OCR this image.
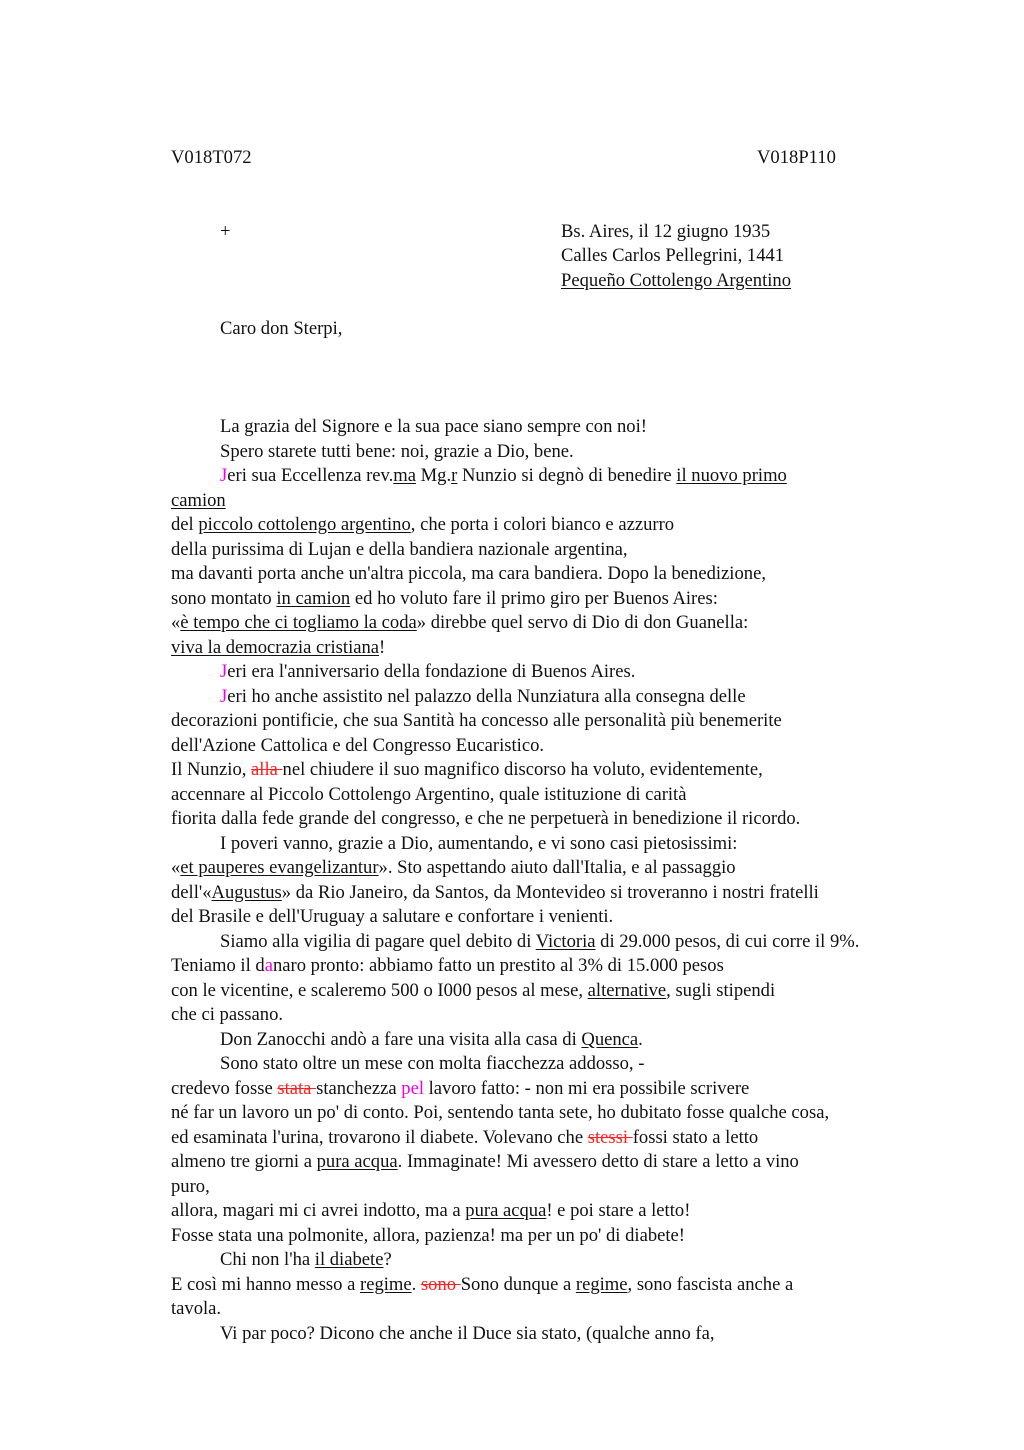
V018T072	V018P110
+	Bs. Aires, il 12 giugno 1935
Calles Carlos Pellegrini, 1441
Pequeño Cottolengo Argentino
Caro don Sterpi,
La grazia del Signore e la sua pace siano sempre con noi!
Spero starete tutti bene: noi, grazie a Dio, bene.
Jeri sua Eccellenza rev.ma Mg.r Nunzio si degnò di benedire il nuovo primo
camion
del piccolo cottolengo argentino, che porta i colori bianco e azzurro
della purissima di Lujan e della bandiera nazionale argentina,
ma davanti porta anche un'altra piccola, ma cara bandiera. Dopo la benedizione,
sono montato in camion ed ho voluto fare il primo giro per Buenos Aires:
«è tempo che ci togliamo la coda» direbbe quel servo di Dio di don Guanella:
viva la democrazia cristiana!
Jeri era l'anniversario della fondazione di Buenos Aires.
Jeri ho anche assistito nel palazzo della Nunziatura alla consegna delle
decorazioni pontificie, che sua Santità ha concesso alle personalità più benemerite
dell'Azione Cattolica e del Congresso Eucaristico.
Il Nunzio, alla nel chiudere il suo magnifico discorso ha voluto, evidentemente,
accennare al Piccolo Cottolengo Argentino, quale istituzione di carità
fiorita dalla fede grande del congresso, e che ne perpetuerà in benedizione il ricordo.
I poveri vanno, grazie a Dio, aumentando, e vi sono casi pietosissimi:
«et pauperes evangelizantur». Sto aspettando aiuto dall'Italia, e al passaggio
dell'«Augustus» da Rio Janeiro, da Santos, da Montevideo si troveranno i nostri fratelli
del Brasile e dell'Uruguay a salutare e confortare i venienti.
Siamo alla vigilia di pagare quel debito di Victoria di 29.000 pesos, di cui corre il 9%.
Teniamo il danaro pronto: abbiamo fatto un prestito al 3% di 15.000 pesos
con le vicentine, e scaleremo 500 o I000 pesos al mese, alternative, sugli stipendi
che ci passano.
Don Zanocchi andò a fare una visita alla casa di Quenca.
Sono stato oltre un mese con molta fiacchezza addosso, -
credevo fosse stata stanchezza pel lavoro fatto: - non mi era possibile scrivere
né far un lavoro un po' di conto. Poi, sentendo tanta sete, ho dubitato fosse qualche cosa,
ed esaminata l'urina, trovarono il diabete. Volevano che stessi fossi stato a letto
almeno tre giorni a pura acqua. Immaginate! Mi avessero detto di stare a letto a vino
puro,
allora, magari mi ci avrei indotto, ma a pura acqua! e poi stare a letto!
Fosse stata una polmonite, allora, pazienza! ma per un po' di diabete!
Chi non l'ha il diabete?
E così mi hanno messo a regime. sono Sono dunque a regime, sono fascista anche a
tavola.
Vi par poco? Dicono che anche il Duce sia stato, (qualche anno fa,
